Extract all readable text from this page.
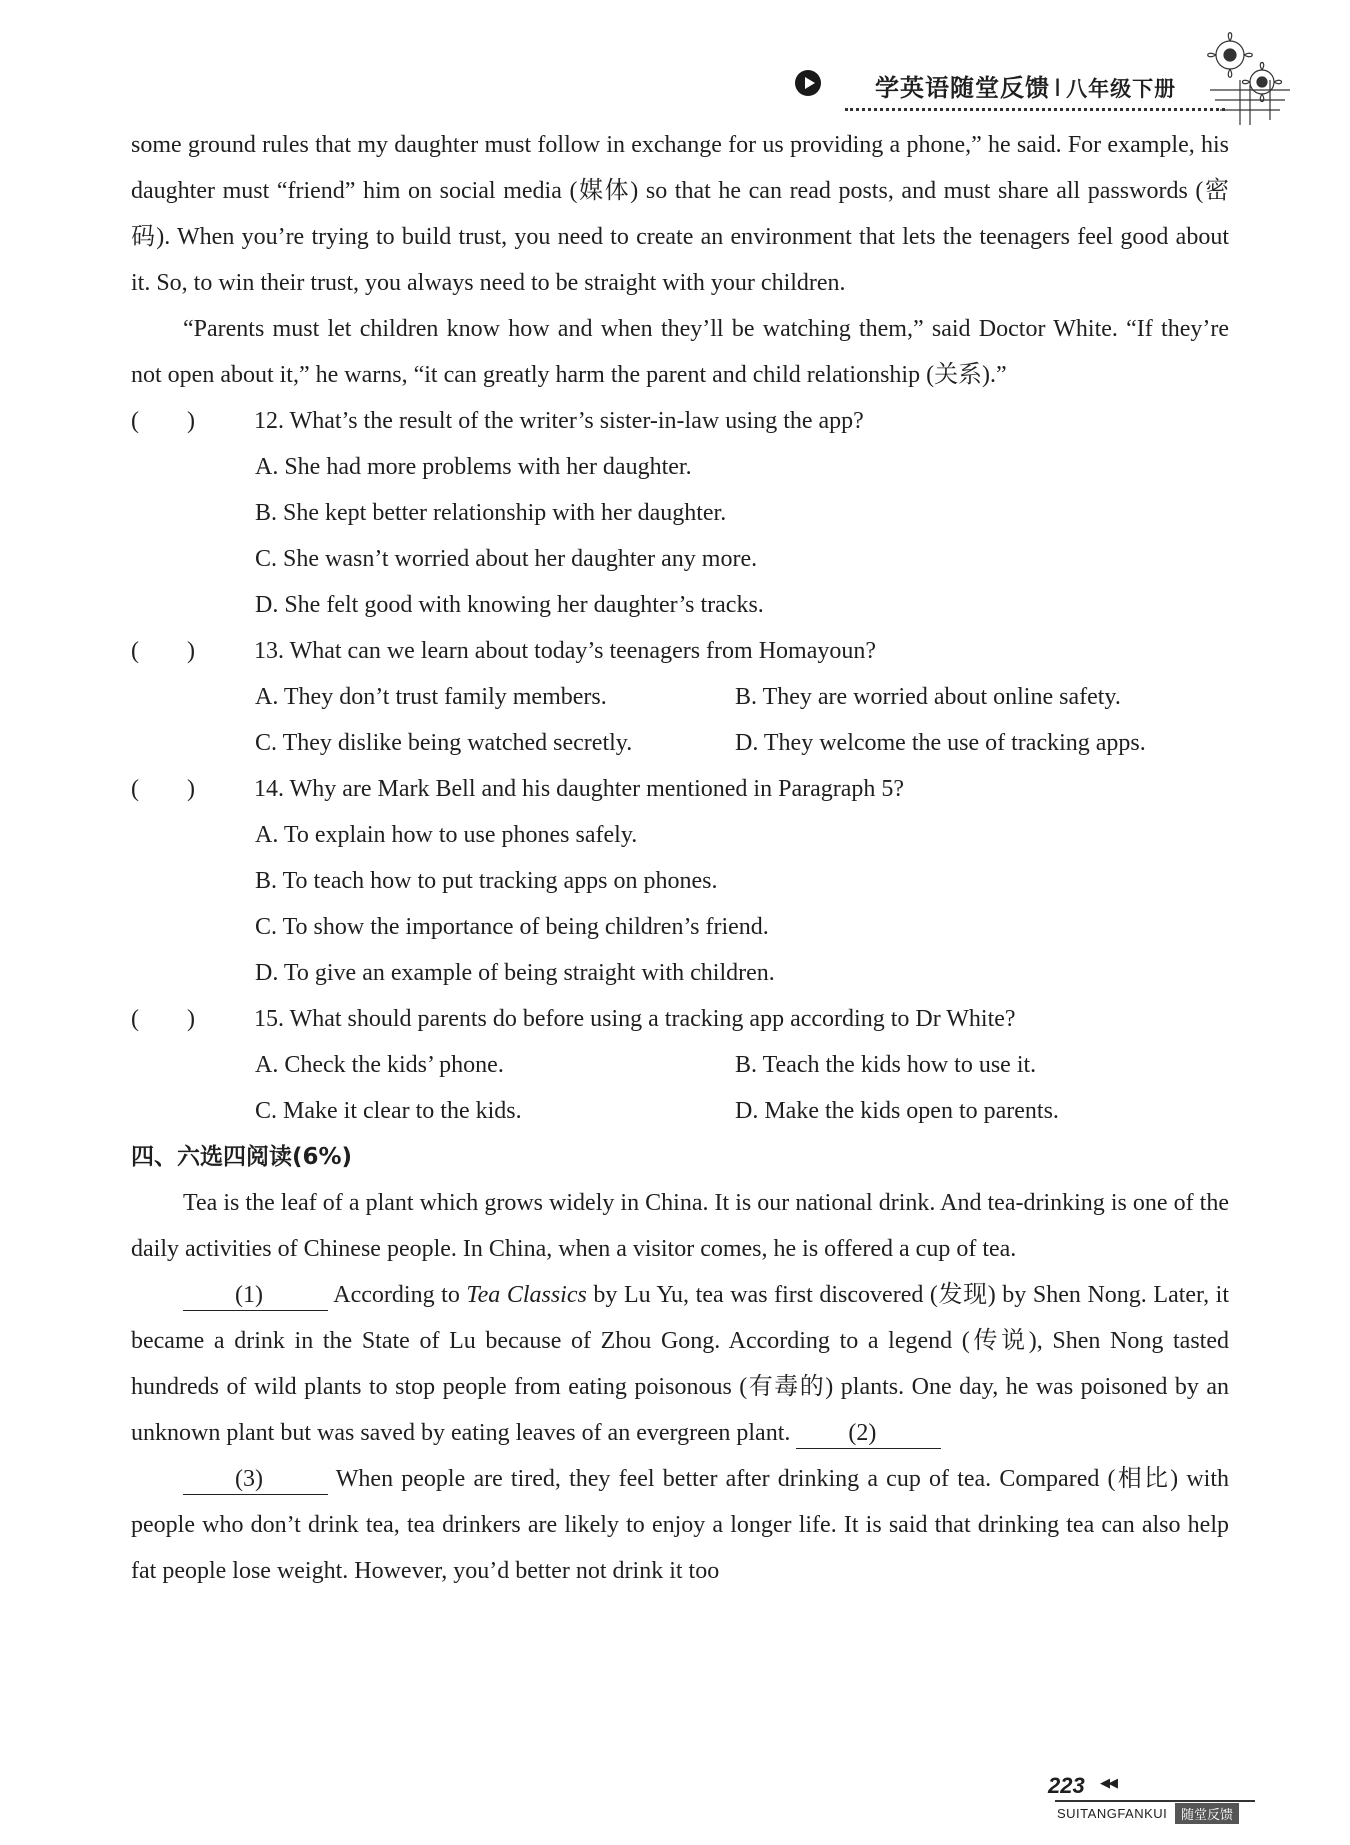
学英语随堂反馈 I 八年级下册

some ground rules that my daughter must follow in exchange for us providing a phone,” he said. For example, his daughter must “friend” him on social media (媒体) so that he can read posts, and must share all passwords (密码). When you’re trying to build trust, you need to create an environment that lets the teenagers feel good about it. So, to win their trust, you always need to be straight with your children.

“Parents must let children know how and when they’ll be watching them,” said Doctor White. “If they’re not open about it,” he warns, “it can greatly harm the parent and child relationship (关系).”

(　　)	12. What’s the result of the writer’s sister-in-law using the app?

A. She had more problems with her daughter.

B. She kept better relationship with her daughter.

C. She wasn’t worried about her daughter any more.

D. She felt good with knowing her daughter’s tracks.

(　　)	13. What can we learn about today’s teenagers from Homayoun?
A. They don’t trust family members.	B. They are worried about online safety.
C. They dislike being watched secretly.	D. They welcome the use of tracking apps.
(　　)	14. Why are Mark Bell and his daughter mentioned in Paragraph 5?

A. To explain how to use phones safely.

B. To teach how to put tracking apps on phones.

C. To show the importance of being children’s friend.

D. To give an example of being straight with children.

(　　)	15. What should parents do before using a tracking app according to Dr White?
A. Check the kids’ phone.	B. Teach the kids how to use it.
C. Make it clear to the kids.	D. Make the kids open to parents.

四、六选四阅读(6%)

Tea is the leaf of a plant which grows widely in China. It is our national drink. And tea-drinking is one of the daily activities of Chinese people. In China, when a visitor comes, he is offered a cup of tea.

(1)	According to Tea Classics by Lu Yu, tea was first discovered (发现) by Shen Nong. Later, it became a drink in the State of Lu because of Zhou Gong. According to a legend (传说), Shen Nong tasted hundreds of wild plants to stop people from eating poisonous (有毒的) plants. One day, he was poisoned by an unknown plant but was saved by eating leaves of an evergreen plant. (2)

(3)	When people are tired, they feel better after drinking a cup of tea. Compared (相比) with people who don’t drink tea, tea drinkers are likely to enjoy a longer life. It is said that drinking tea can also help fat people lose weight. However, you’d better not drink it too

223 ◀◀
SUITANGFANKUI	随堂反馈
